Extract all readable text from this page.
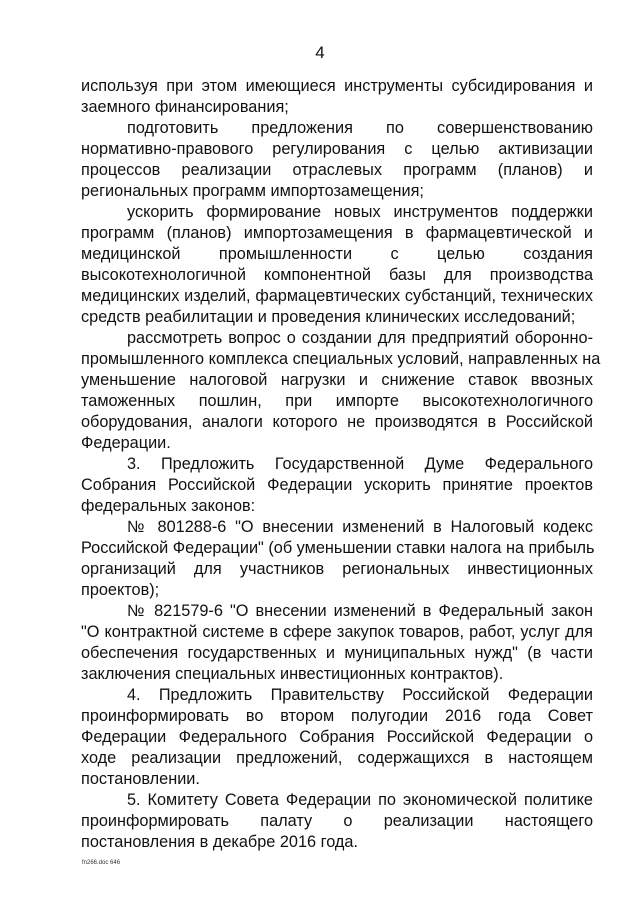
4
используя при этом имеющиеся инструменты субсидирования и
заемного финансирования;
подготовить предложения по совершенствованию
нормативно-правового регулирования с целью активизации
процессов реализации отраслевых программ (планов) и
региональных программ импортозамещения;
ускорить формирование новых инструментов поддержки
программ (планов) импортозамещения в фармацевтической и
медицинской промышленности с целью создания
высокотехнологичной компонентной базы для производства
медицинских изделий, фармацевтических субстанций, технических
средств реабилитации и проведения клинических исследований;
рассмотреть вопрос о создании для предприятий оборонно-
промышленного комплекса специальных условий, направленных на
уменьшение налоговой нагрузки и снижение ставок ввозных
таможенных пошлин, при импорте высокотехнологичного
оборудования, аналоги которого не производятся в Российской
Федерации.
3. Предложить Государственной Думе Федерального
Собрания Российской Федерации ускорить принятие проектов
федеральных законов:
№ 801288-6 "О внесении изменений в Налоговый кодекс
Российской Федерации" (об уменьшении ставки налога на прибыль
организаций для участников региональных инвестиционных
проектов);
№ 821579-6 "О внесении изменений в Федеральный закон
"О контрактной системе в сфере закупок товаров, работ, услуг для
обеспечения государственных и муниципальных нужд" (в части
заключения специальных инвестиционных контрактов).
4. Предложить Правительству Российской Федерации
проинформировать во втором полугодии 2016 года Совет
Федерации Федерального Собрания Российской Федерации о
ходе реализации предложений, содержащихся в настоящем
постановлении.
5. Комитету Совета Федерации по экономической политике
проинформировать палату о реализации настоящего
постановления в декабре 2016 года.
fn266.doc 646
